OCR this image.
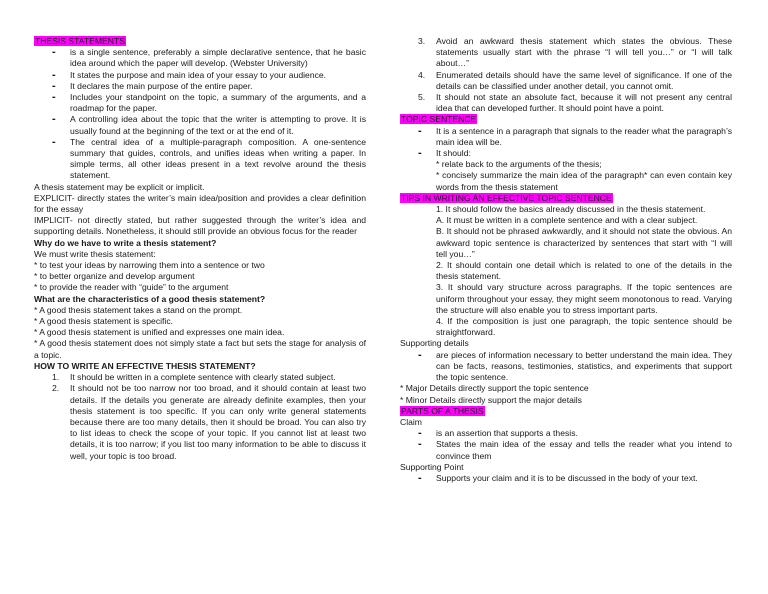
THESIS STATEMENTS

- is a single sentence, preferably a simple declarative sentence, that he basic idea around which the paper will develop. (Webster University)

- It states the purpose and main idea of your essay to your audience.

- It declares the main purpose of the entire paper.

- Includes your standpoint on the topic, a summary of the arguments, and a roadmap for the paper.

- A controlling idea about the topic that the writer is attempting to prove. It is usually found at the beginning of the text or at the end of it.

- The central idea of a multiple-paragraph composition. A one-sentence summary that guides, controls, and unifies ideas when writing a paper. In simple terms, all other ideas present in a text revolve around the thesis statement.

A thesis statement may be explicit or implicit.

EXPLICIT- directly states the writer’s main idea/position and provides a clear definition for the essay

IMPLICIT- not directly stated, but rather suggested through the writer’s idea and supporting details. Nonetheless, it should still provide an obvious focus for the reader

Why do we have to write a thesis statement?

We must write thesis statement:

* to test your ideas by narrowing them into a sentence or two

* to better organize and develop argument

* to provide the reader with “guide” to the argument

What are the characteristics of a good thesis statement?

* A good thesis statement takes a stand on the prompt.

* A good thesis statement is specific.

* A good thesis statement is unified and expresses one main idea.

* A good thesis statement does not simply state a fact but sets the stage for analysis of a topic.

HOW TO WRITE AN EFFECTIVE THESIS STATEMENT?

1. It should be written in a complete sentence with clearly stated subject.

2. It should not be too narrow nor too broad, and it should contain at least two details. If the details you generate are already definite examples, then your thesis statement is too specific. If you can only write general statements because there are too many details, then it should be broad. You can also try to list ideas to check the scope of your topic. If you cannot list at least two details, it is too narrow; if you list too many information to be able to discuss it well, your topic is too broad.

3. Avoid an awkward thesis statement which states the obvious. These statements usually start with the phrase “I will tell you…” or “I will talk about…”

4. Enumerated details should have the same level of significance. If one of the details can be classified under another detail, you cannot omit.

5. It should not state an absolute fact, because it will not present any central idea that can developed further. It should point have a point.

TOPIC SENTENCE

- It is a sentence in a paragraph that signals to the reader what the paragraph’s main idea will be.

- It should:

* relate back to the arguments of the thesis;

* concisely summarize the main idea of the paragraph* can even contain key words from the thesis statement

TIPS IN WRITING AN EFFECTIVE TOPIC SENTENCE

1. It should follow the basics already discussed in the thesis statement.

A. It must be written in a complete sentence and with a clear subject.

B. It should not be phrased awkwardly, and it should not state the obvious. An awkward topic sentence is characterized by sentences that start with “I will tell you…”

2. It should contain one detail which is related to one of the details in the thesis statement.

3. It should vary structure across paragraphs. If the topic sentences are uniform throughout your essay, they might seem monotonous to read. Varying the structure will also enable you to stress important parts.

4. If the composition is just one paragraph, the topic sentence should be straightforward.

Supporting details

- are pieces of information necessary to better understand the main idea. They can be facts, reasons, testimonies, statistics, and experiments that support the topic sentence.

* Major Details directly support the topic sentence

* Minor Details directly support the major details

PARTS OF A THESIS

Claim

- is an assertion that supports a thesis.

- States the main idea of the essay and tells the reader what you intend to convince them

Supporting Point

- Supports your claim and it is to be discussed in the body of your text.
